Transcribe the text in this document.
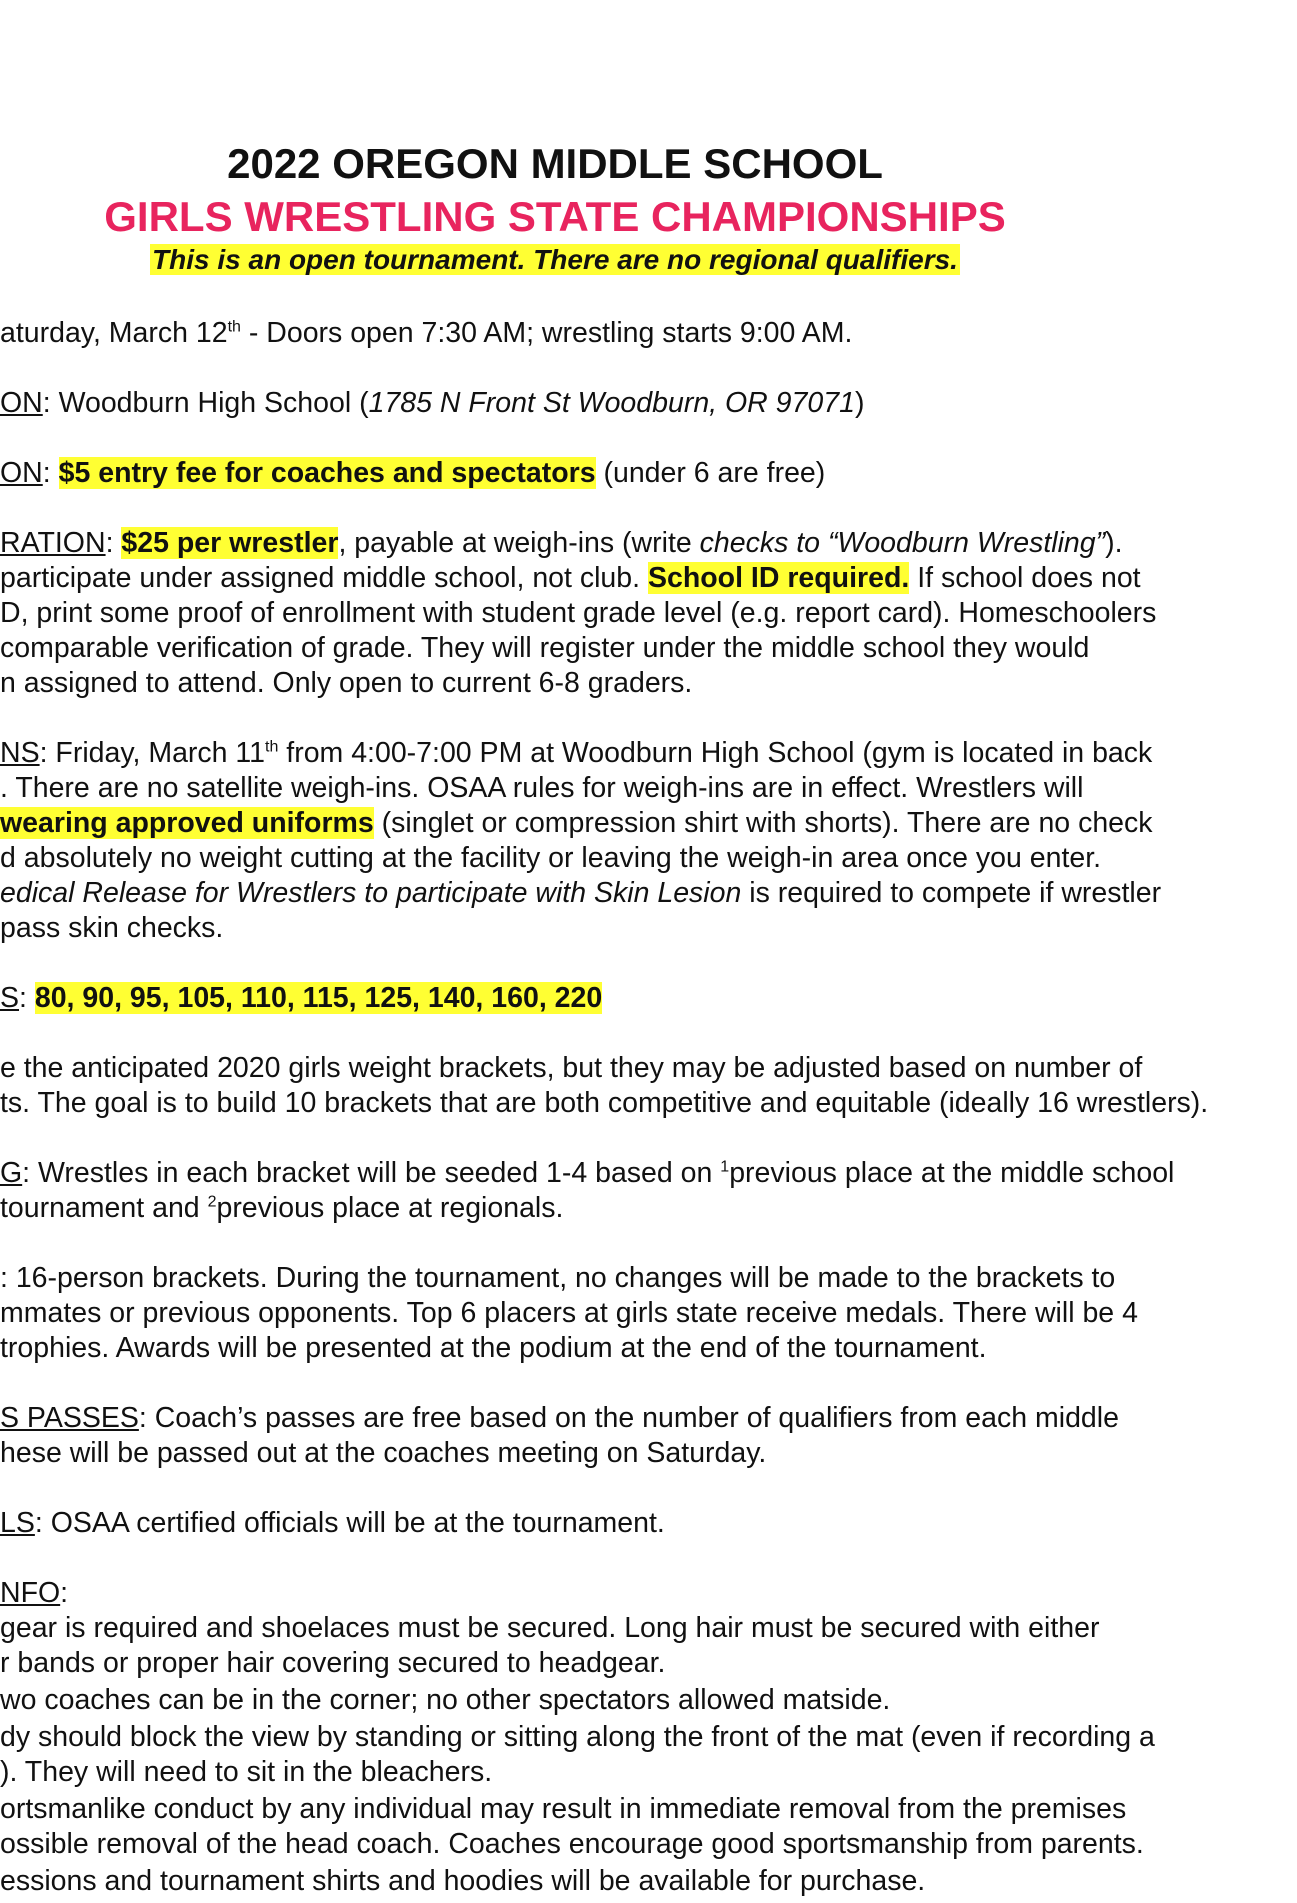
2022 OREGON MIDDLE SCHOOL
GIRLS WRESTLING STATE CHAMPIONSHIPS
This is an open tournament. There are no regional qualifiers.
aturday, March 12th - Doors open 7:30 AM; wrestling starts 9:00 AM.
ON: Woodburn High School (1785 N Front St Woodburn, OR 97071)
ON: $5 entry fee for coaches and spectators (under 6 are free)
RATION: $25 per wrestler, payable at weigh-ins (write checks to “Woodburn Wrestling”).
participate under assigned middle school, not club. School ID required. If school does not
D, print some proof of enrollment with student grade level (e.g. report card). Homeschoolers
comparable verification of grade. They will register under the middle school they would
n assigned to attend. Only open to current 6-8 graders.
NS: Friday, March 11th from 4:00-7:00 PM at Woodburn High School (gym is located in back
. There are no satellite weigh-ins. OSAA rules for weigh-ins are in effect. Wrestlers will
wearing approved uniforms (singlet or compression shirt with shorts). There are no check
d absolutely no weight cutting at the facility or leaving the weigh-in area once you enter.
edical Release for Wrestlers to participate with Skin Lesion is required to compete if wrestler
pass skin checks.
S: 80, 90, 95, 105, 110, 115, 125, 140, 160, 220
e the anticipated 2020 girls weight brackets, but they may be adjusted based on number of
ts. The goal is to build 10 brackets that are both competitive and equitable (ideally 16 wrestlers).
G: Wrestles in each bracket will be seeded 1-4 based on $^1$previous place at the middle school
tournament and $^2$previous place at regionals.
: 16-person brackets. During the tournament, no changes will be made to the brackets to
mmates or previous opponents. Top 6 placers at girls state receive medals. There will be 4
trophies. Awards will be presented at the podium at the end of the tournament.
S PASSES: Coach’s passes are free based on the number of qualifiers from each middle
hese will be passed out at the coaches meeting on Saturday.
LS: OSAA certified officials will be at the tournament.
NFO:
gear is required and shoelaces must be secured. Long hair must be secured with either
r bands or proper hair covering secured to headgear.
wo coaches can be in the corner; no other spectators allowed matside.
dy should block the view by standing or sitting along the front of the mat (even if recording a
). They will need to sit in the bleachers.
ortsmanlike conduct by any individual may result in immediate removal from the premises
ossible removal of the head coach. Coaches encourage good sportsmanship from parents.
essions and tournament shirts and hoodies will be available for purchase.
